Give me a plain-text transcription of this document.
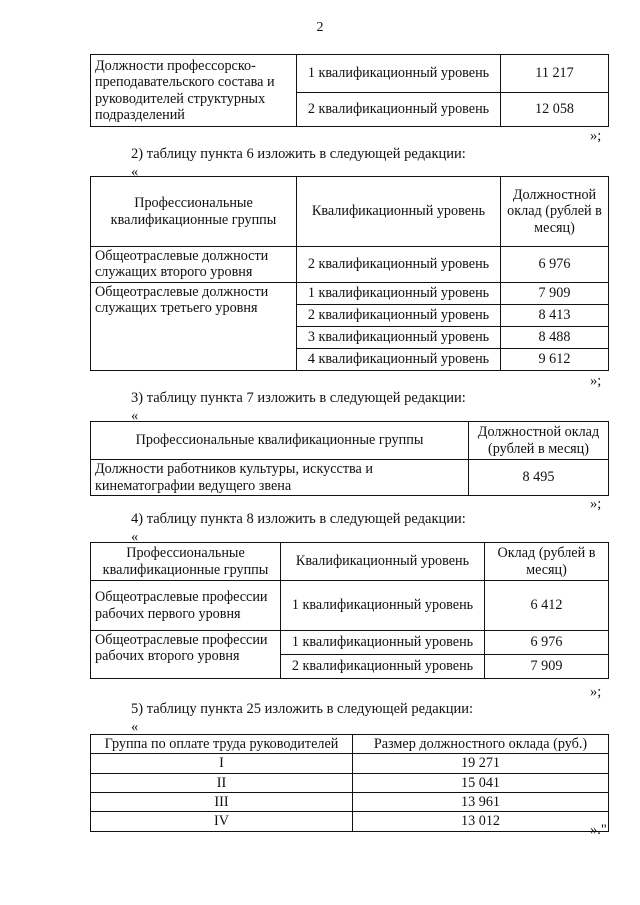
2
Должности профессорско-преподавательского состава и руководителей структурных подразделений	1 квалификационный уровень	11 217
	2 квалификационный уровень	12 058
»;
2) таблицу пункта 6 изложить в следующей редакции:
«
Профессиональные квалификационные группы	Квалификационный уровень	Должностной оклад (рублей в месяц)
Общеотраслевые должности служащих второго уровня	2 квалификационный уровень	6 976
Общеотраслевые должности служащих третьего уровня	1 квалификационный уровень	7 909
	2 квалификационный уровень	8 413
	3 квалификационный уровень	8 488
	4 квалификационный уровень	9 612
»;
3) таблицу пункта 7 изложить в следующей редакции:
«
Профессиональные квалификационные группы	Должностной оклад (рублей в месяц)
Должности работников культуры, искусства и кинематографии ведущего звена	8 495
»;
4) таблицу пункта 8 изложить в следующей редакции:
«
Профессиональные квалификационные группы	Квалификационный уровень	Оклад (рублей в месяц)
Общеотраслевые профессии рабочих первого уровня	1 квалификационный уровень	6 412
Общеотраслевые профессии рабочих второго уровня	1 квалификационный уровень	6 976
	2 квалификационный уровень	7 909
»;
5) таблицу пункта 25 изложить в следующей редакции:
«
Группа по оплате труда руководителей	Размер должностного оклада (руб.)
I	19 271
II	15 041
III	13 961
IV	13 012
»."
